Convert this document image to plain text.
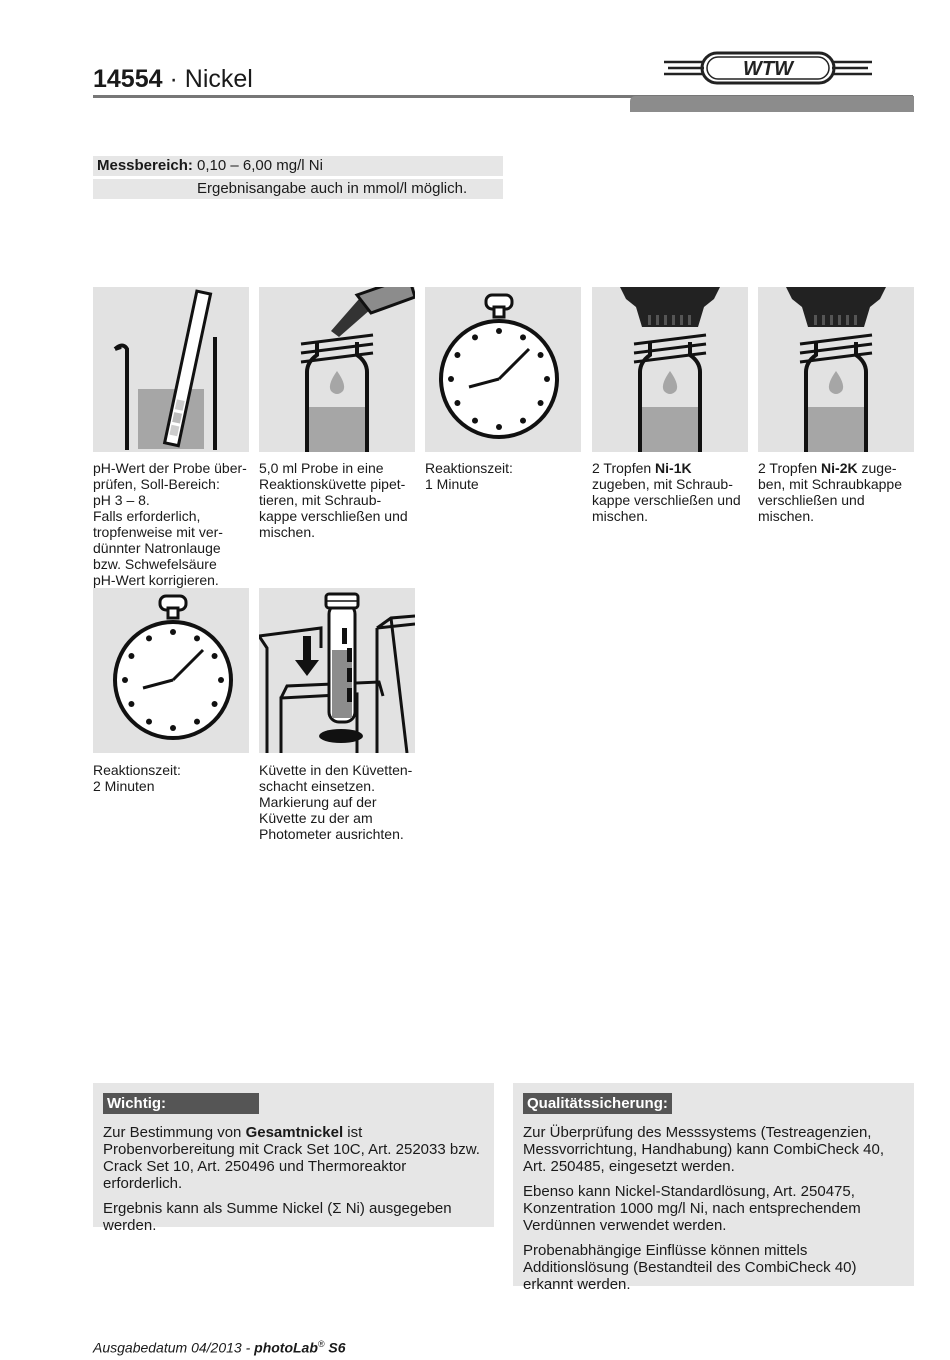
14554 · Nickel	WTW
Messbereich: 0,10 – 6,00 mg/l Ni
Ergebnisangabe auch in mmol/l möglich.
pH-Wert der Probe über-
prüfen, Soll-Bereich:
pH 3 – 8.
Falls erforderlich,
tropfenweise mit ver-
dünnter Natronlauge
bzw. Schwefelsäure
pH-Wert korrigieren.
5,0 ml Probe in eine
Reaktionsküvette pipet-
tieren, mit Schraub-
kappe verschließen und
mischen.
Reaktionszeit:
1 Minute
2 Tropfen Ni-1K
zugeben, mit Schraub-
kappe verschließen und
mischen.
2 Tropfen Ni-2K zuge-
ben, mit Schraubkappe
verschließen und
mischen.
Reaktionszeit:
2 Minuten
Küvette in den Küvetten-
schacht einsetzen.
Markierung auf der
Küvette zu der am
Photometer ausrichten.
Wichtig:

Zur Bestimmung von Gesamtnickel ist Probenvorbereitung mit Crack Set 10C, Art. 252033 bzw. Crack Set 10, Art. 250496 und Thermoreaktor erforderlich.

Ergebnis kann als Summe Nickel (Σ Ni) ausgegeben werden.

Qualitätssicherung:

Zur Überprüfung des Messsystems (Testreagenzien, Messvorrichtung, Handhabung) kann CombiCheck 40, Art. 250485, eingesetzt werden.

Ebenso kann Nickel-Standardlösung, Art. 250475, Konzentration 1000 mg/l Ni, nach entsprechendem Verdünnen verwendet werden.

Probenabhängige Einflüsse können mittels Additionslösung (Bestandteil des CombiCheck 40) erkannt werden.

Ausgabedatum 04/2013 - photoLab® S6
